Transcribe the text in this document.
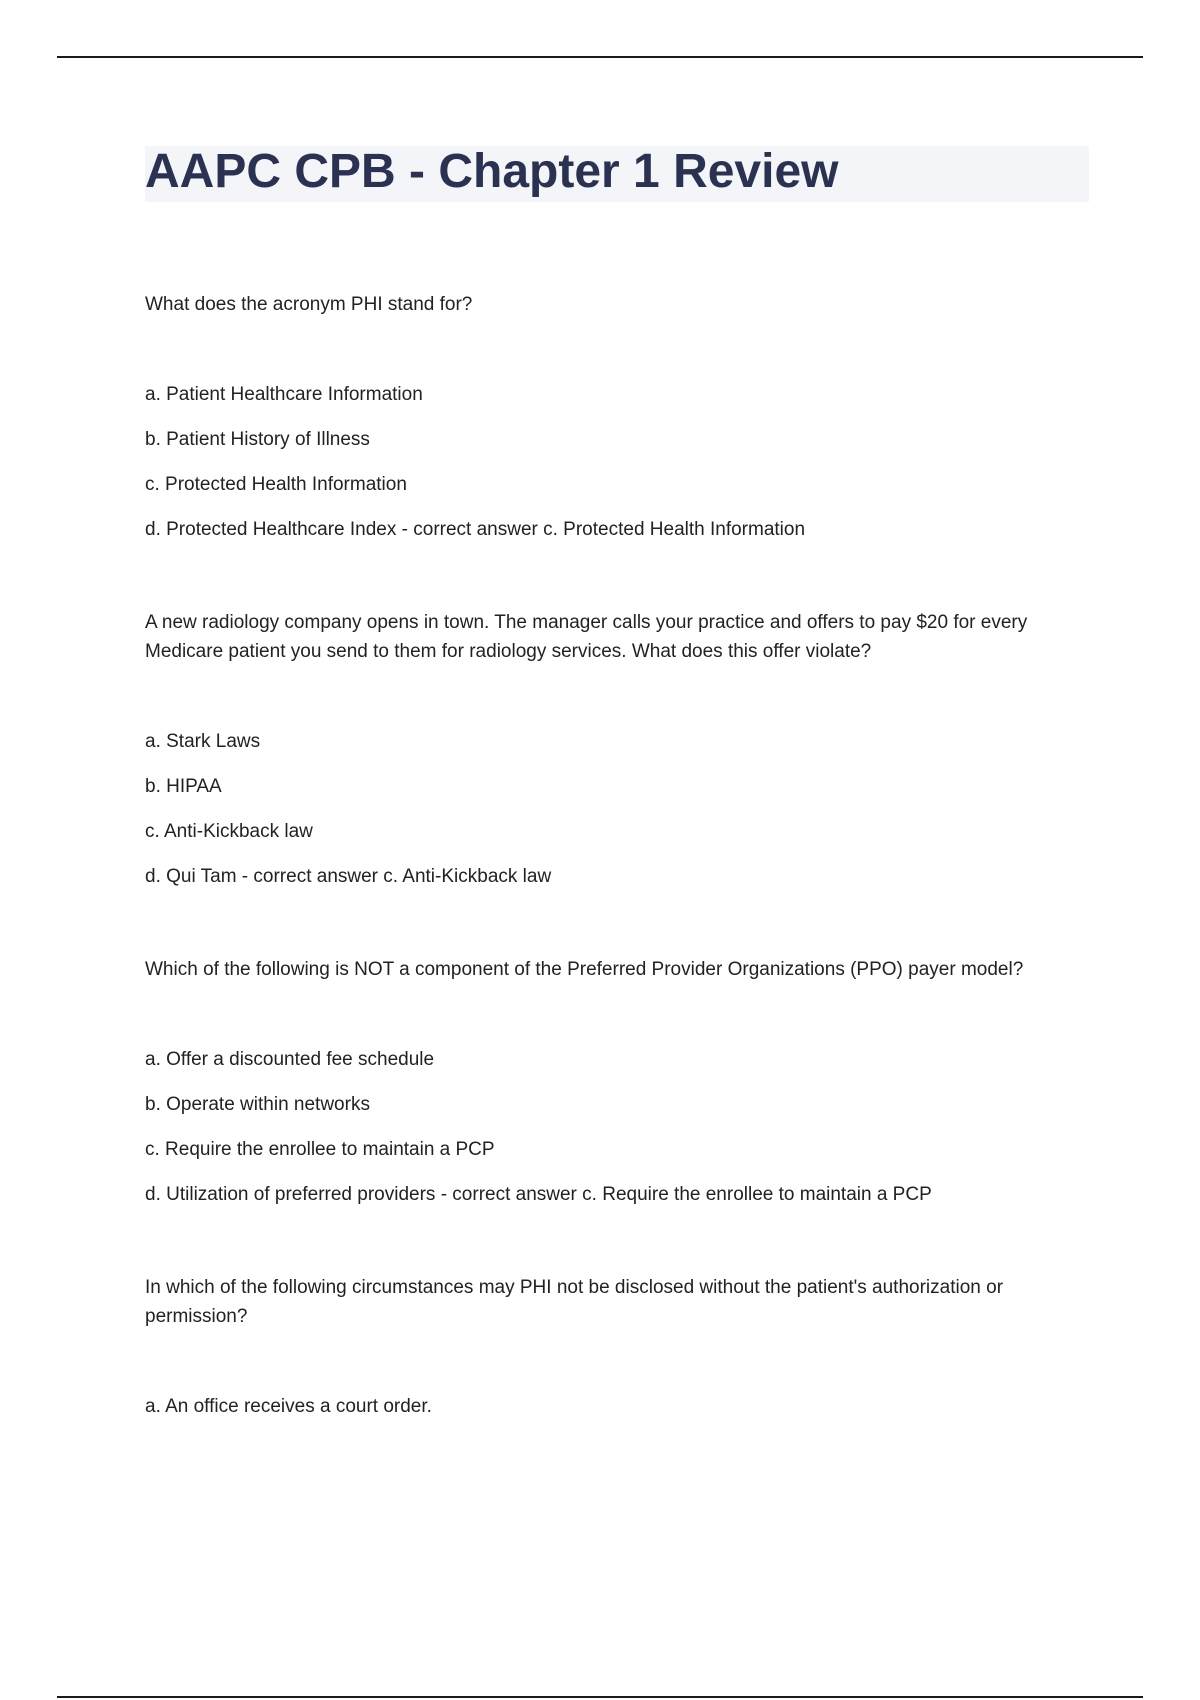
AAPC CPB - Chapter 1 Review

What does the acronym PHI stand for?

a. Patient Healthcare Information
b. Patient History of Illness
c. Protected Health Information
d. Protected Healthcare Index - correct answer c. Protected Health Information

A new radiology company opens in town. The manager calls your practice and offers to pay $20 for every Medicare patient you send to them for radiology services. What does this offer violate?

a. Stark Laws
b. HIPAA
c. Anti-Kickback law
d. Qui Tam - correct answer c. Anti-Kickback law

Which of the following is NOT a component of the Preferred Provider Organizations (PPO) payer model?

a. Offer a discounted fee schedule
b. Operate within networks
c. Require the enrollee to maintain a PCP
d. Utilization of preferred providers - correct answer c. Require the enrollee to maintain a PCP

In which of the following circumstances may PHI not be disclosed without the patient's authorization or permission?

a. An office receives a court order.
